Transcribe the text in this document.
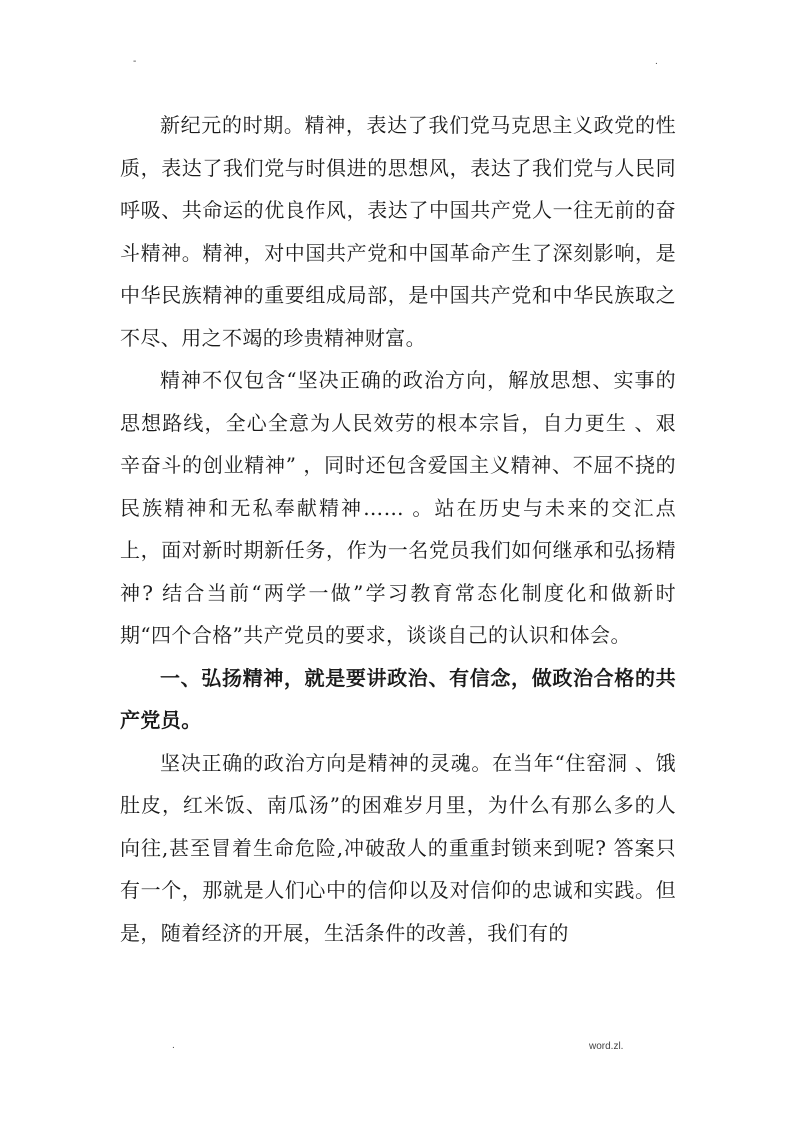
-	.

新纪元的时期。精神，表达了我们党马克思主义政党的性质，表达了我们党与时俱进的思想风，表达了我们党与人民同呼吸、共命运的优良作风，表达了中国共产党人一往无前的奋斗精神。精神，对中国共产党和中国革命产生了深刻影响，是中华民族精神的重要组成局部，是中国共产党和中华民族取之不尽、用之不竭的珍贵精神财富。

精神不仅包含“坚决正确的政治方向，解放思想、实事的思想路线，全心全意为人民效劳的根本宗旨，自力更生 、艰辛奋斗的创业精神” ，同时还包含爱国主义精神、不屈不挠的民族精神和无私奉献精神…… 。站在历史与未来的交汇点上，面对新时期新任务，作为一名党员我们如何继承和弘扬精神? 结合当前“两学一做”学习教育常态化制度化和做新时期“四个合格”共产党员的要求，谈谈自己的认识和体会。

一、弘扬精神，就是要讲政治、有信念，做政治合格的共产党员。

坚决正确的政治方向是精神的灵魂。在当年“住窑洞 、饿肚皮，红米饭、南瓜汤”的困难岁月里，为什么有那么多的人向往,甚至冒着生命危险,冲破敌人的重重封锁来到呢? 答案只有一个，那就是人们心中的信仰以及对信仰的忠诚和实践。但是，随着经济的开展，生活条件的改善，我们有的

.	word.zl.
